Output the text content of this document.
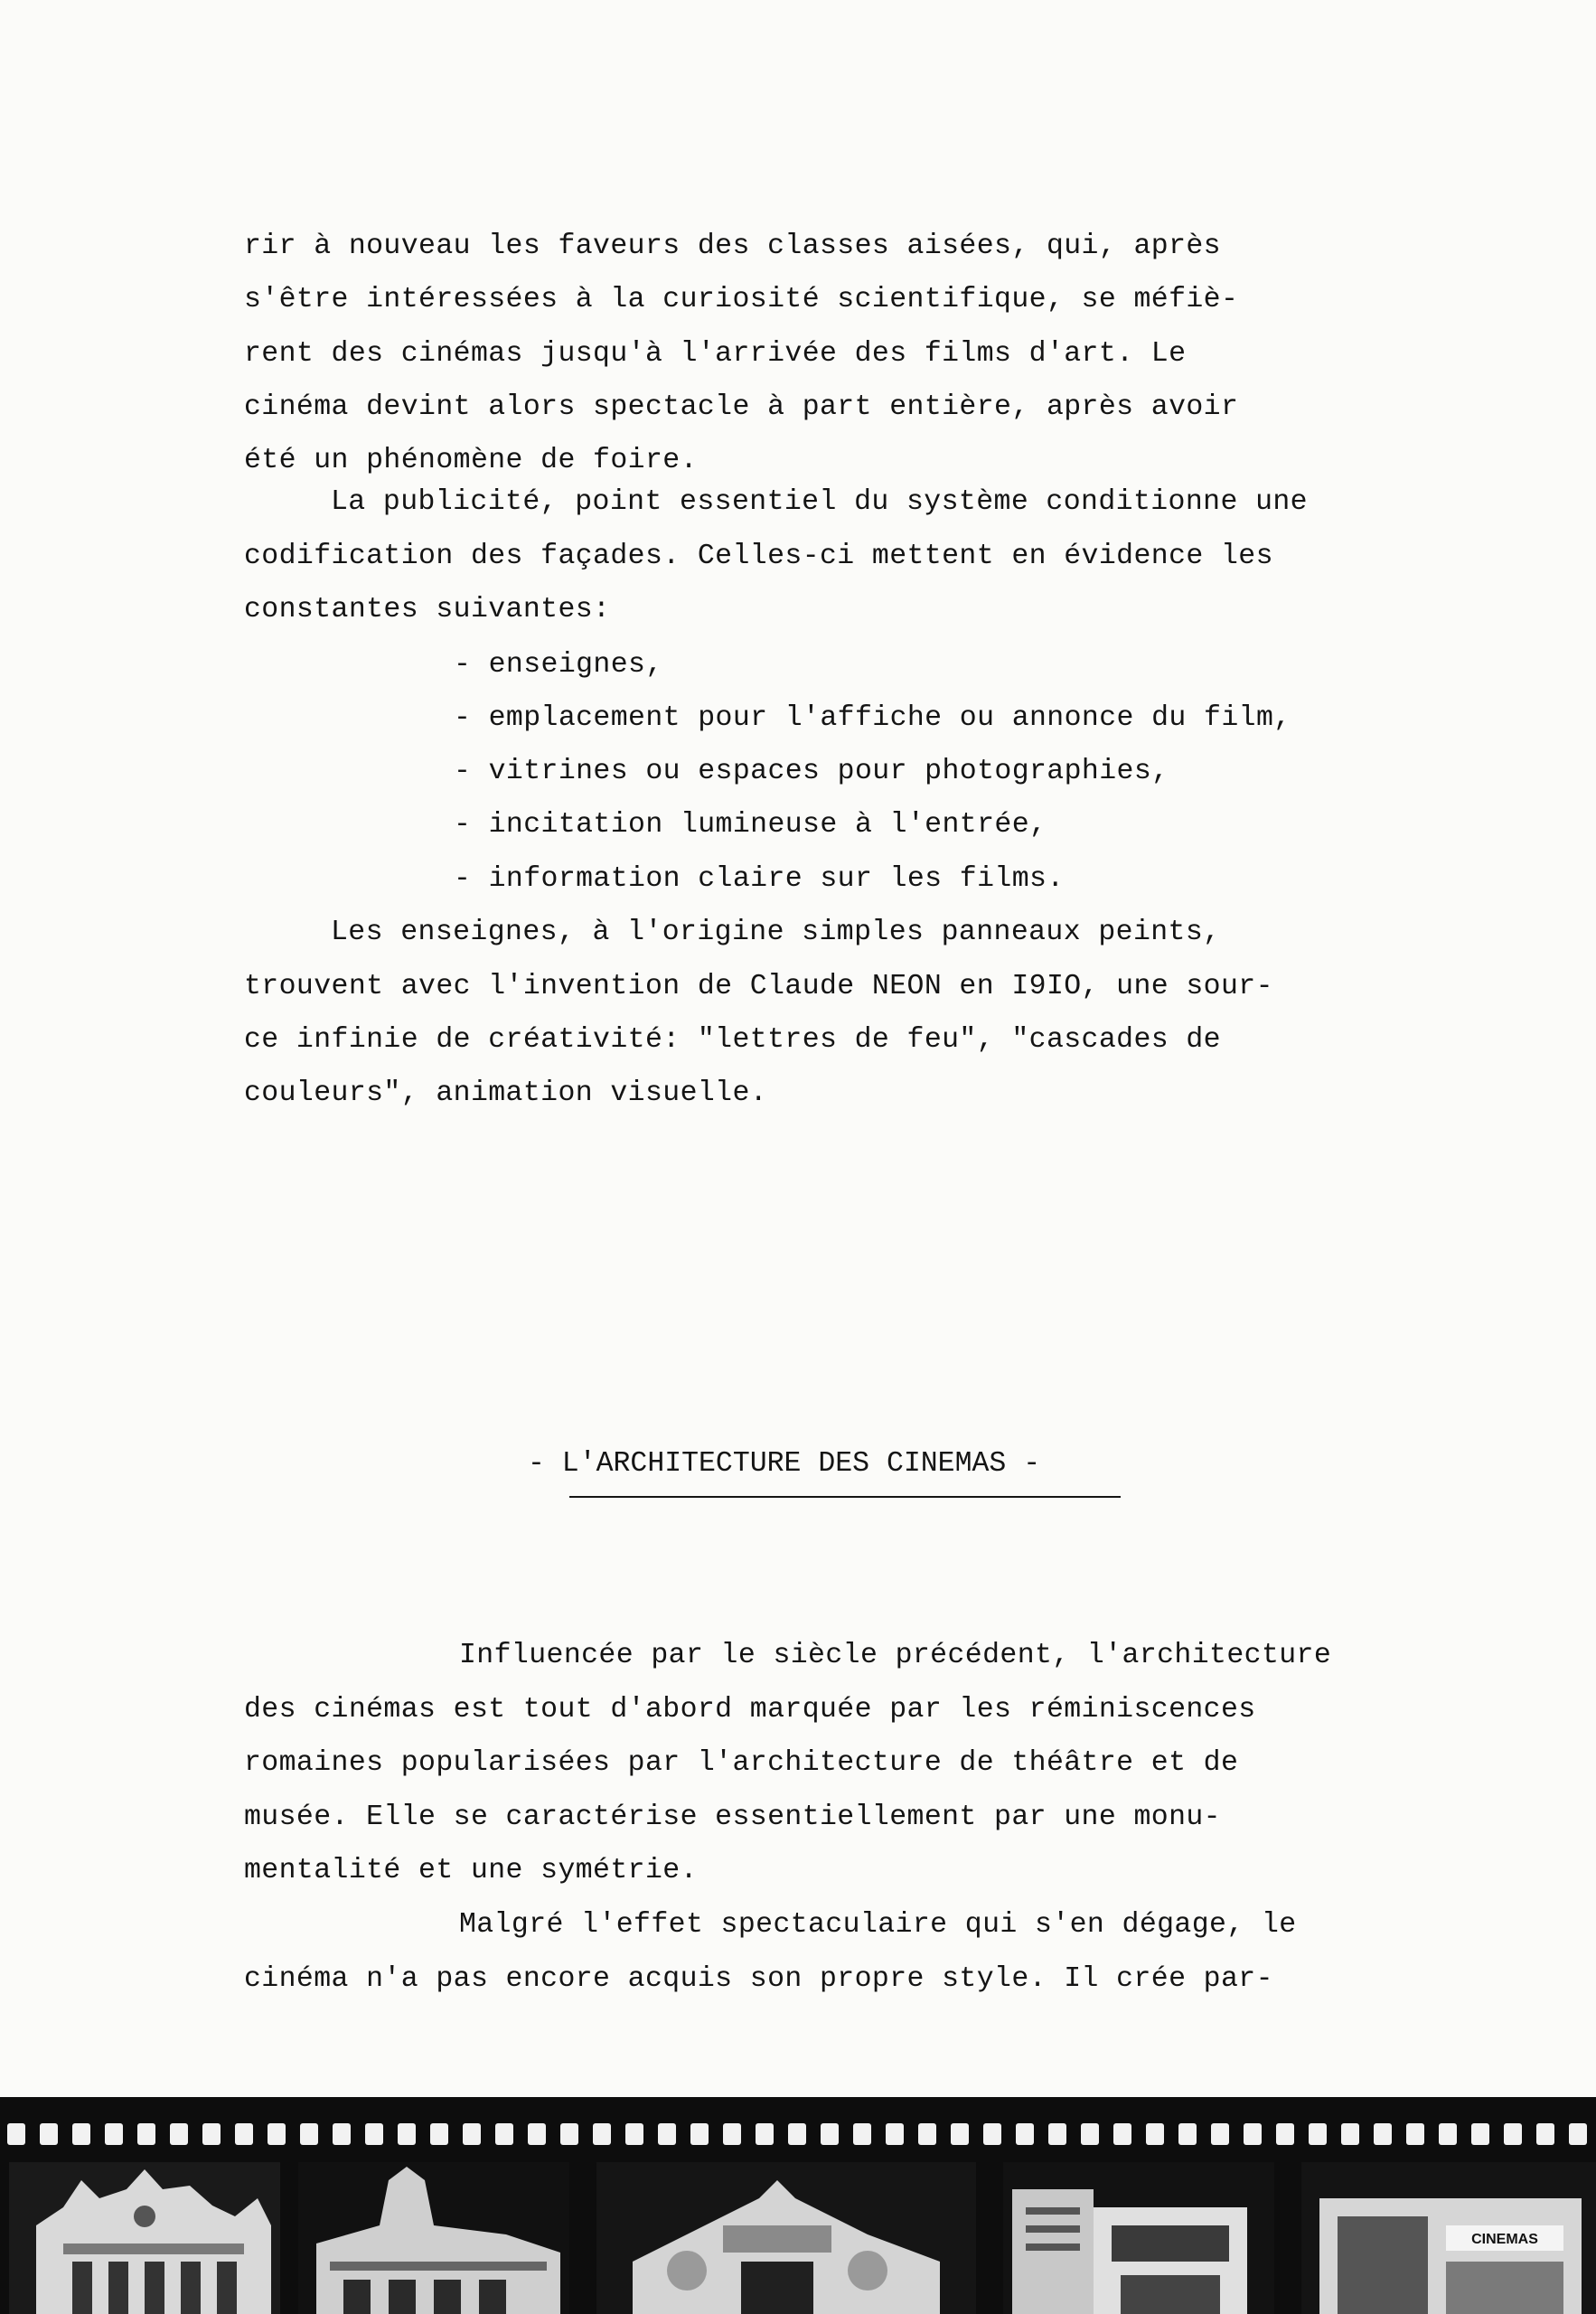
rir à nouveau les faveurs des classes aisées, qui, après
s'être intéressées à la curiosité scientifique, se méfiè-
rent des cinémas jusqu'à l'arrivée des films d'art. Le
cinéma devint alors spectacle à part entière, après avoir
été un phénomène de foire.
La publicité, point essentiel du système conditionne une
codification des façades. Celles-ci mettent en évidence les
constantes suivantes:
- enseignes,
- emplacement pour l'affiche ou annonce du film,
- vitrines ou espaces pour photographies,
- incitation lumineuse à l'entrée,
- information claire sur les films.
Les enseignes, à l'origine simples panneaux peints,
trouvent avec l'invention de Claude NEON en I9IO, une sour-
ce infinie de créativité: "lettres de feu", "cascades de
couleurs", animation visuelle.
- L'ARCHITECTURE DES CINEMAS -
Influencée par le siècle précédent, l'architecture
des cinémas est tout d'abord marquée par les réminiscences
romaines popularisées par l'architecture de théâtre et de
musée. Elle se caractérise essentiellement par une monu-
mentalité et une symétrie.
Malgré l'effet spectaculaire qui s'en dégage, le
cinéma n'a pas encore acquis son propre style. Il crée par-
CINEMAS
